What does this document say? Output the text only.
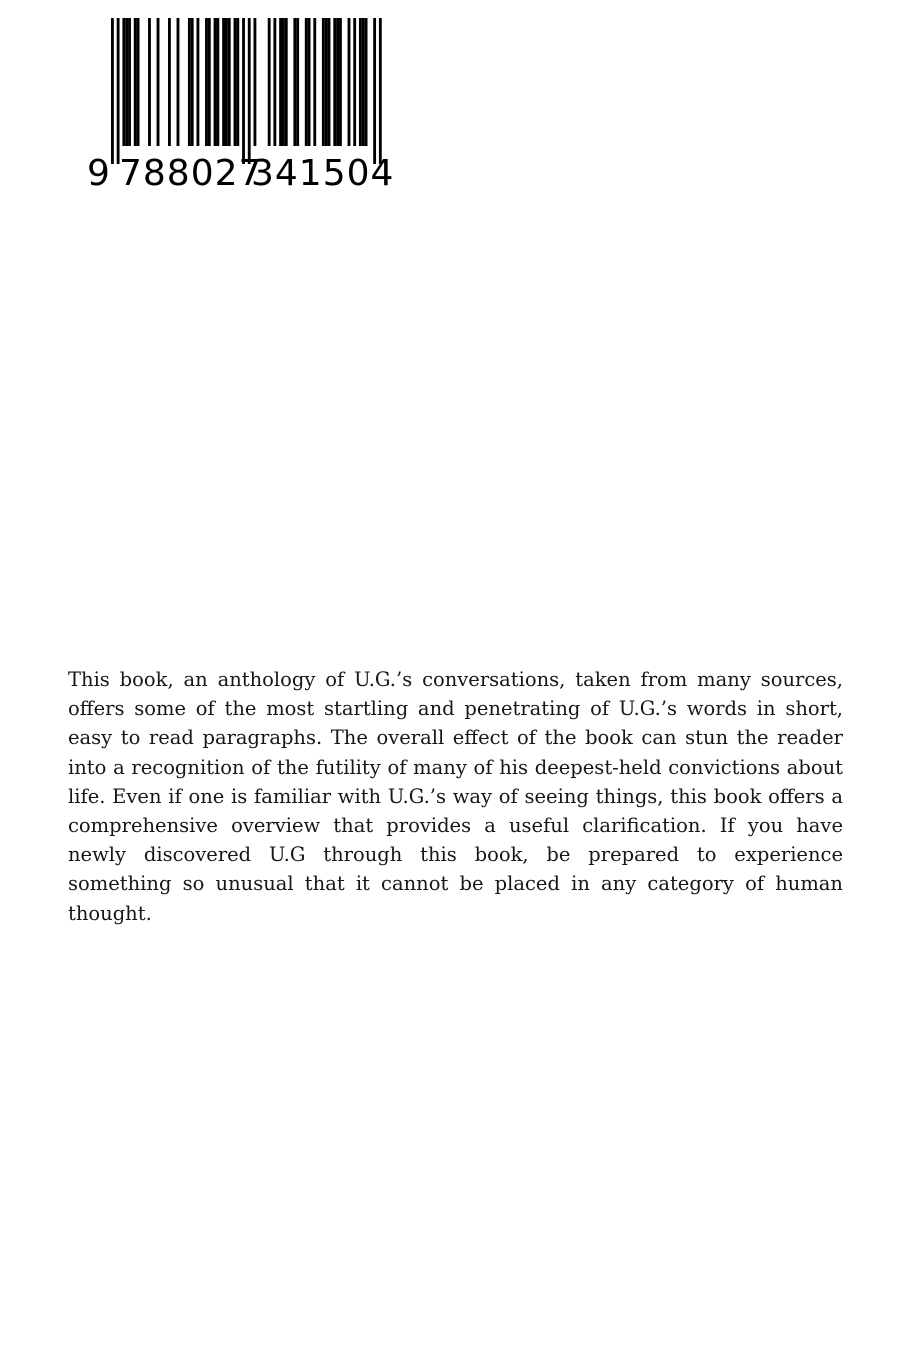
9 788027
341504

This book, an anthology of U.G.’s conversations, taken from many sources, offers some of the most startling and penetrating of U.G.’s words in short, easy to read paragraphs. The overall effect of the book can stun the reader into a recognition of the futility of many of his deepest-held convictions about life. Even if one is familiar with U.G.’s way of seeing things, this book offers a comprehensive overview that provides a useful clarification. If you have newly discovered U.G through this book, be prepared to experience something so unusual that it cannot be placed in any category of human thought.
